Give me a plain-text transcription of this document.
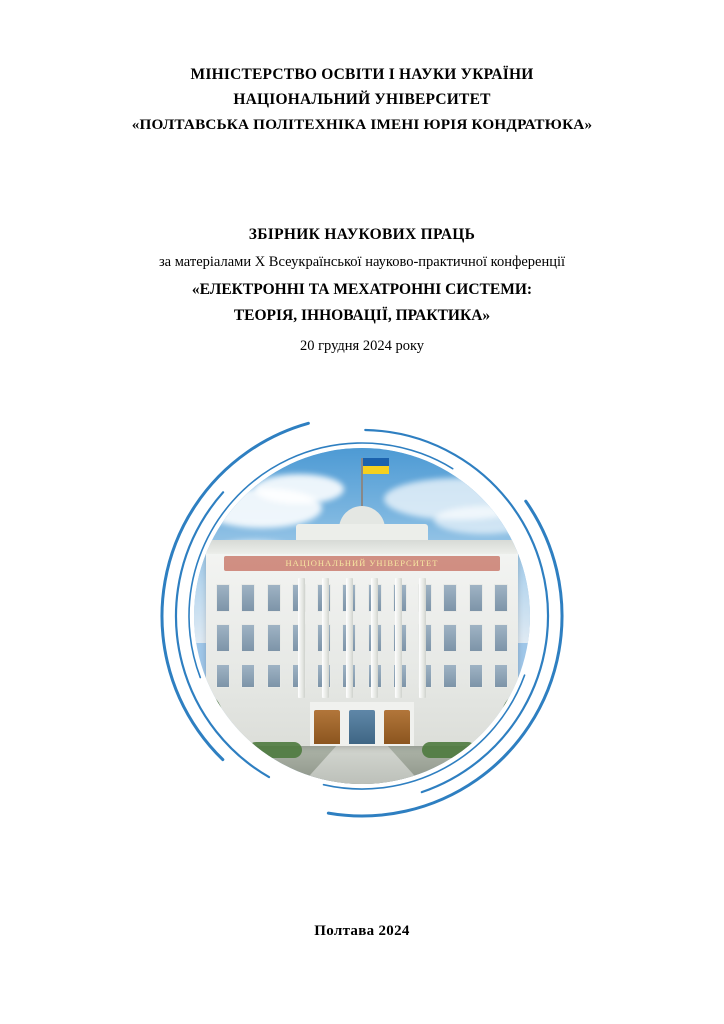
МІНІСТЕРСТВО ОСВІТИ І НАУКИ УКРАЇНИ
НАЦІОНАЛЬНИЙ УНІВЕРСИТЕТ
«ПОЛТАВСЬКА ПОЛІТЕХНІКА ІМЕНІ ЮРІЯ КОНДРАТЮКА»
ЗБІРНИК НАУКОВИХ ПРАЦЬ
за матеріалами X Всеукраїнської науково-практичної конференції
«ЕЛЕКТРОННІ ТА МЕХАТРОННІ СИСТЕМИ:
ТЕОРІЯ, ІННОВАЦІЇ, ПРАКТИКА»
20 грудня 2024 року
НАЦІОНАЛЬНИЙ УНІВЕРСИТЕТ
Полтава 2024
